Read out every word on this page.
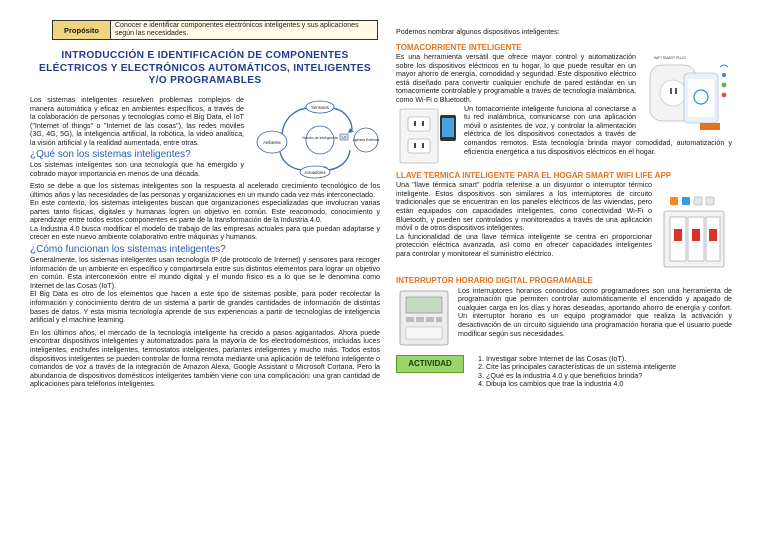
Propósito
Conocer e identificar componentes electrónicos inteligentes y sus aplicaciones según las necesidades.
INTRODUCCIÓN E IDENTIFICACIÓN DE COMPONENTES ELÉCTRICOS Y ELECTRÓNICOS AUTOMÁTICOS, INTELIGENTES Y/O PROGRAMABLES
Sensores
Ambiente
Núcleo de inteligencia UI
Agentes Externos
Actuadores

Los sistemas inteligentes resuelven problemas complejos de manera automática y eficaz en ambientes específicos, a través de la colaboración de personas y tecnologías como el Big Data, el IoT ("Internet of things" o "Internet de las cosas"), las redes móviles (3G, 4G, 5G), la inteligencia artificial, la robótica, la video analítica, la visión artificial y la realidad aumentada, entre otras.

¿Qué son los sistemas inteligentes?

Los sistemas inteligentes son una tecnología que ha emergido y cobrado mayor importancia en menos de una década.

Esto se debe a que los sistemas inteligentes son la respuesta al acelerado crecimiento tecnológico de los últimos años y las necesidades de las personas y organizaciones en un mundo cada vez más interconectado.

En este contexto, los sistemas inteligentes buscan que organizaciones especializadas que involucran varias partes tanto físicas, digitales y humanas logren un objetivo en común. Este reacomodo, conocimiento y aprendizaje entre todos estos componentes es parte de la transformación de la Industria 4.0.

La Industria 4.0 busca modificar el modelo de trabajo de las empresas actuales para que puedan adaptarse y crecer en este nuevo ambiente colaborativo entre máquinas y humanos.

¿Cómo funcionan los sistemas inteligentes?

Generalmente, los sistemas inteligentes usan tecnología IP (de protocolo de Internet) y sensores para recoger información de un ambiente en específico y compartirsela entre sus distintos elementos para lograr un objetivo en común. Esta interconexión entre el mundo digital y el mundo físico es a lo que se le denomina como Internet de las Cosas (IoT).

El Big Data es otro de los elementos que hacen a este tipo de sistemas posible, para poder recolectar la información y conocimiento dentro de un sistema a partir de grandes cantidades de información de distintas bases de datos. Y esta misma tecnología aprende de sus experiencias a partir de tecnologías de inteligencia artificial y el machine learning.

En los últimos años, el mercado de la tecnología inteligente ha crecido a pasos agigantados. Ahora puede encontrar dispositivos inteligentes y automatizados para la mayoría de los electrodomésticos, incluidas luces inteligentes, enchufes inteligentes, termostatos inteligentes, parlantes inteligentes y mucho más. Todos estos dispositivos inteligentes se pueden controlar de forma remota mediante una aplicación de teléfono inteligente o comandos de voz a través de la integración de Amazon Alexa, Google Assistant o Microsoft Cortana. Pero la abundancia de dispositivos domésticos inteligentes también viene con una complicación: una gran cantidad de aplicaciones para teléfonos inteligentes.

Podemos nombrar algunos dispositivos inteligentes:

TOMACORRIENTE INTELIGENTE
WIFI SMART PLUG

Es una herramienta versátil que ofrece mayor control y automatización sobre los dispositivos eléctricos en tu hogar, lo que puede resultar en un mayor ahorro de energía, comodidad y seguridad. Este dispositivo eléctrico está diseñado para convertir cualquier enchufe de pared estándar en un tomacorriente controlable y programable a través de tecnología inalámbrica, como Wi-Fi o Bluetooth.

Un tomacorriente inteligente funciona al conectarse a tu red inalámbrica, comunicarse con una aplicación móvil o asistentes de voz, y controlar la alimentación eléctrica de los dispositivos conectados a través de comandos remotos. Esta tecnología brinda mayor comodidad, automatización y eficiencia energética a tus dispositivos eléctricos en el hogar.

LLAVE TERMICA INTELIGENTE PARA EL HOGAR SMART WIFI LIFE APP

Una "llave térmica smart" podría referirse a un disyuntor o interruptor térmico inteligente. Estos dispositivos son similares a los interruptores de circuito tradicionales que se encuentran en los paneles eléctricos de las viviendas, pero están equipados con capacidades inteligentes, como conectividad Wi-Fi o Bluetooth, y pueden ser controlados y monitoreados a través de una aplicación móvil o de otros dispositivos inteligentes.

La funcionalidad de una llave térmica inteligente se centra en proporcionar protección eléctrica avanzada, así como en ofrecer capacidades inteligentes para controlar y monitorear el suministro eléctrico.

INTERRUPTOR HORARIO DIGITAL PROGRAMABLE

Los interruptores horarios conocidos como programadores son una herramienta de programación que permiten controlar automáticamente el encendido y apagado de cualquier carga en los días y horas deseadas, aportando ahorro de energía y confort. Un interruptor horario es un equipo programador que realiza la activación y desactivación de un circuito siguiendo una programación horaria que el usuario puede modificar según sus necesidades.

ACTIVIDAD
1. Investigar sobre Internet de las Cosas (IoT).
2. Cite las principales características de un sistema inteligente
3. ¿Qué es la industria 4.0 y que beneficios brinda?
4. Dibuja los cambios que trae la industria 4.0
